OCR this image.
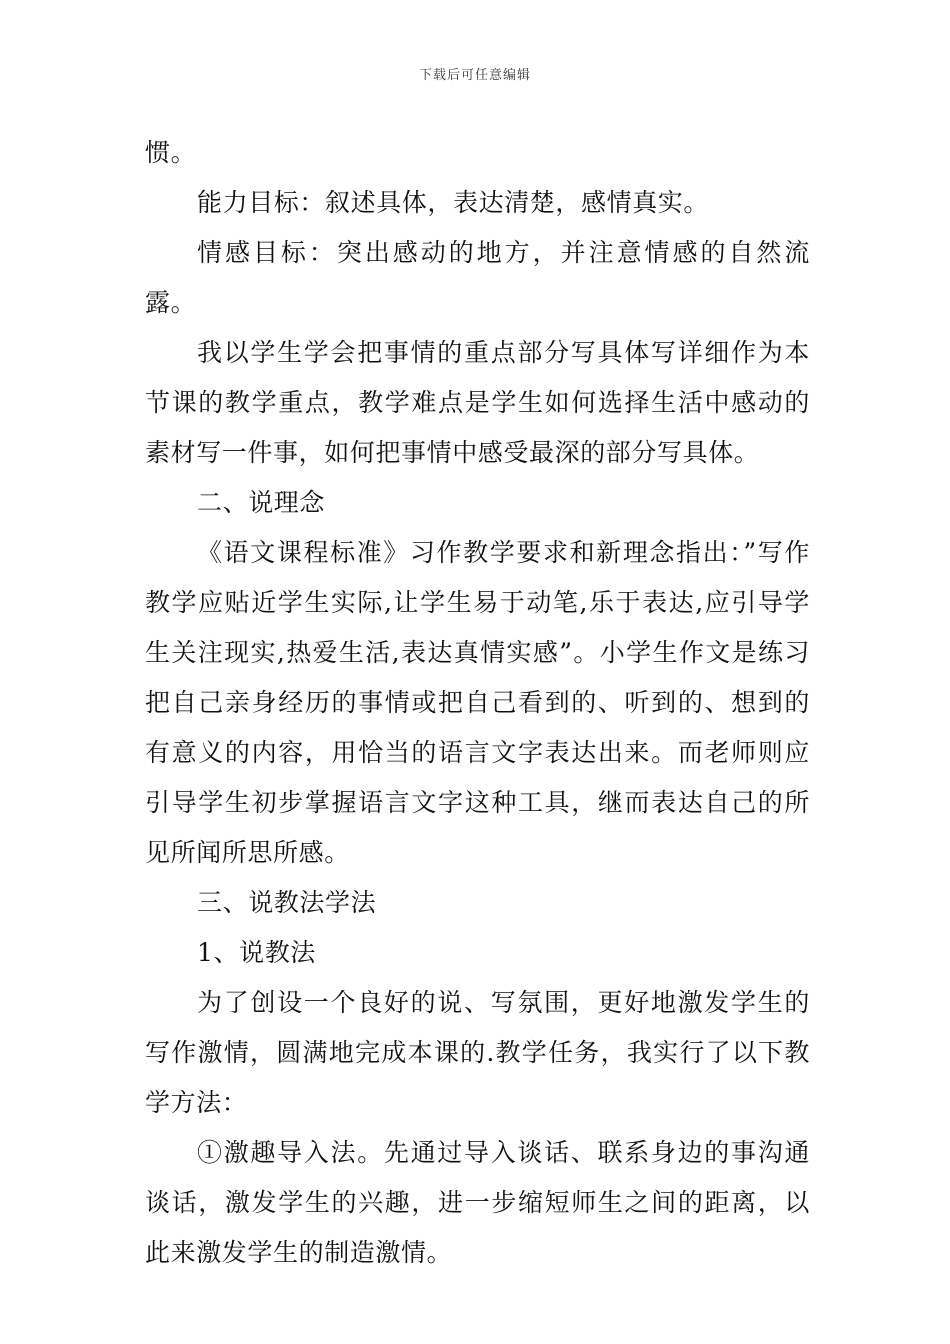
下载后可任意编辑

惯。

能力目标：叙述具体，表达清楚，感情真实。

情感目标：突出感动的地方，并注意情感的自然流露。

我以学生学会把事情的重点部分写具体写详细作为本节课的教学重点，教学难点是学生如何选择生活中感动的素材写一件事，如何把事情中感受最深的部分写具体。

二、说理念

《语文课程标准》习作教学要求和新理念指出：”写作教学应贴近学生实际,让学生易于动笔,乐于表达,应引导学生关注现实,热爱生活,表达真情实感”。小学生作文是练习把自己亲身经历的事情或把自己看到的、听到的、想到的有意义的内容，用恰当的语言文字表达出来。而老师则应引导学生初步掌握语言文字这种工具，继而表达自己的所见所闻所思所感。

三、说教法学法

1、说教法

为了创设一个良好的说、写氛围，更好地激发学生的写作激情，圆满地完成本课的.教学任务，我实行了以下教学方法：

①激趣导入法。先通过导入谈话、联系身边的事沟通谈话，激发学生的兴趣，进一步缩短师生之间的距离，以此来激发学生的制造激情。
